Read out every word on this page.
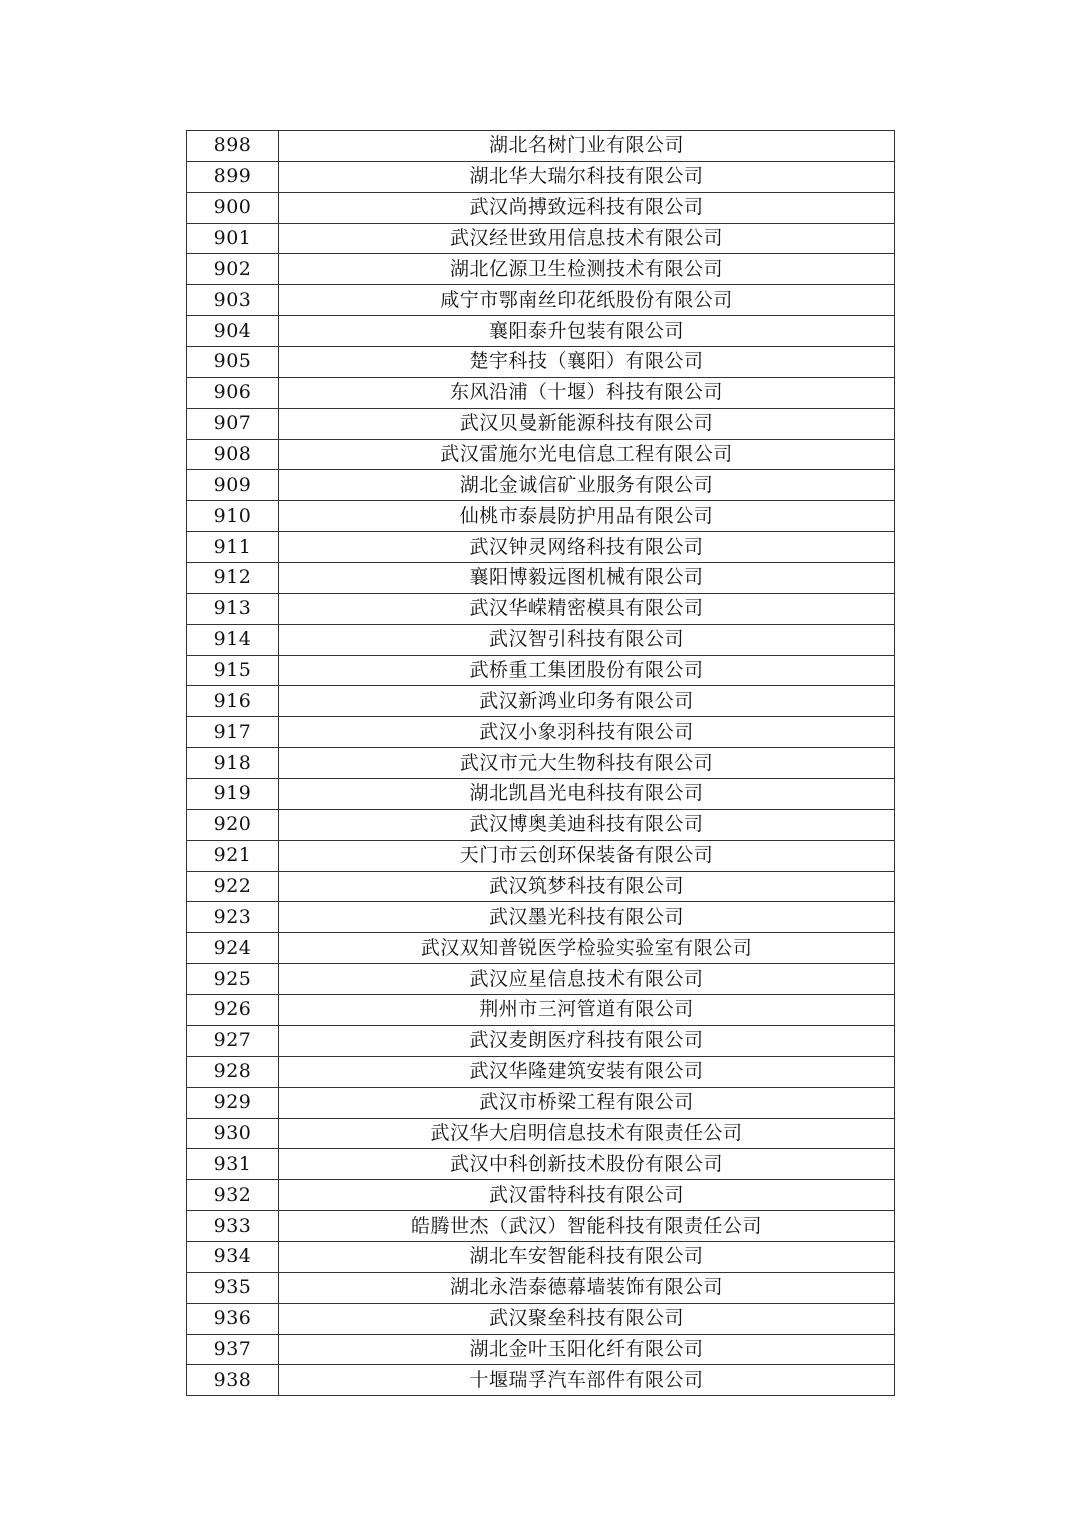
898	湖北名树门业有限公司
899	湖北华大瑞尔科技有限公司
900	武汉尚搏致远科技有限公司
901	武汉经世致用信息技术有限公司
902	湖北亿源卫生检测技术有限公司
903	咸宁市鄂南丝印花纸股份有限公司
904	襄阳泰升包装有限公司
905	楚宇科技（襄阳）有限公司
906	东风沿浦（十堰）科技有限公司
907	武汉贝曼新能源科技有限公司
908	武汉雷施尔光电信息工程有限公司
909	湖北金诚信矿业服务有限公司
910	仙桃市泰晨防护用品有限公司
911	武汉钟灵网络科技有限公司
912	襄阳博毅远图机械有限公司
913	武汉华嵘精密模具有限公司
914	武汉智引科技有限公司
915	武桥重工集团股份有限公司
916	武汉新鸿业印务有限公司
917	武汉小象羽科技有限公司
918	武汉市元大生物科技有限公司
919	湖北凯昌光电科技有限公司
920	武汉博奥美迪科技有限公司
921	天门市云创环保装备有限公司
922	武汉筑梦科技有限公司
923	武汉墨光科技有限公司
924	武汉双知普锐医学检验实验室有限公司
925	武汉应星信息技术有限公司
926	荆州市三河管道有限公司
927	武汉麦朗医疗科技有限公司
928	武汉华隆建筑安装有限公司
929	武汉市桥梁工程有限公司
930	武汉华大启明信息技术有限责任公司
931	武汉中科创新技术股份有限公司
932	武汉雷特科技有限公司
933	皓腾世杰（武汉）智能科技有限责任公司
934	湖北车安智能科技有限公司
935	湖北永浩泰德幕墙装饰有限公司
936	武汉聚垒科技有限公司
937	湖北金叶玉阳化纤有限公司
938	十堰瑞孚汽车部件有限公司
